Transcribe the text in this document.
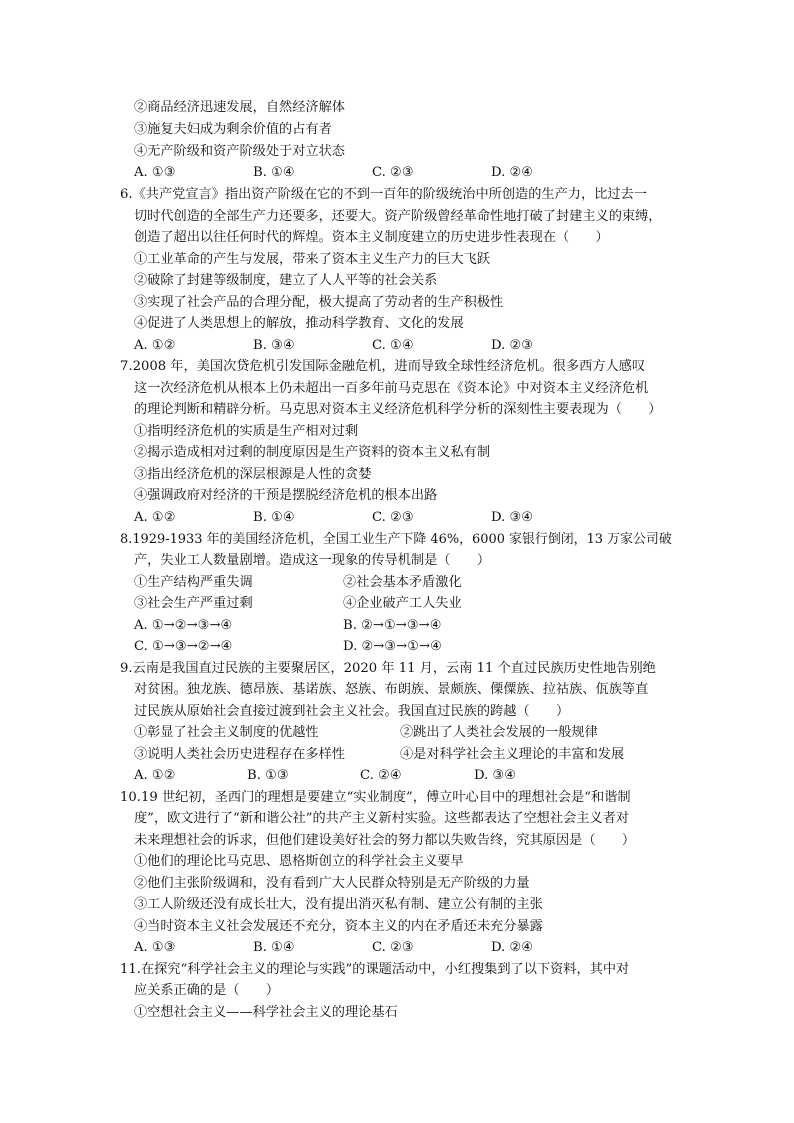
②商品经济迅速发展，自然经济解体
③施复夫妇成为剩余价值的占有者
④无产阶级和资产阶级处于对立状态
A. ①③	B. ①④	C. ②③	D. ②④
6.《共产党宣言》指出资产阶级在它的不到一百年的阶级统治中所创造的生产力，比过去一
切时代创造的全部生产力还要多，还要大。资产阶级曾经革命性地打破了封建主义的束缚，
创造了超出以往任何时代的辉煌。资本主义制度建立的历史进步性表现在（　　）
①工业革命的产生与发展，带来了资本主义生产力的巨大飞跃
②破除了封建等级制度，建立了人人平等的社会关系
③实现了社会产品的合理分配，极大提高了劳动者的生产积极性
④促进了人类思想上的解放，推动科学教育、文化的发展
A. ①②	B. ③④	C. ①④	D. ②③
7.2008 年，美国次贷危机引发国际金融危机，进而导致全球性经济危机。很多西方人感叹
这一次经济危机从根本上仍未超出一百多年前马克思在《资本论》中对资本主义经济危机
的理论判断和精辟分析。马克思对资本主义经济危机科学分析的深刻性主要表现为（　　）
①指明经济危机的实质是生产相对过剩
②揭示造成相对过剩的制度原因是生产资料的资本主义私有制
③指出经济危机的深层根源是人性的贪婪
④强调政府对经济的干预是摆脱经济危机的根本出路
A. ①②	B. ①④	C. ②③	D. ③④
8.1929-1933 年的美国经济危机，全国工业生产下降 46%，6000 家银行倒闭，13 万家公司破
产，失业工人数量剧增。造成这一现象的传导机制是（　　）
①生产结构严重失调	②社会基本矛盾激化
③社会生产严重过剩	④企业破产工人失业
A. ①→②→③→④	B. ②→①→③→④
C. ①→③→②→④	D. ②→③→①→④
9.云南是我国直过民族的主要聚居区，2020 年 11 月，云南 11 个直过民族历史性地告别绝
对贫困。独龙族、德昂族、基诺族、怒族、布朗族、景颇族、傈僳族、拉祜族、佤族等直
过民族从原始社会直接过渡到社会主义社会。我国直过民族的跨越（　　）
①彰显了社会主义制度的优越性	②跳出了人类社会发展的一般规律
③说明人类社会历史进程存在多样性	④是对科学社会主义理论的丰富和发展
A. ①②	B. ①③	C. ②④	D. ③④
10.19 世纪初，圣西门的理想是要建立“实业制度”，傅立叶心目中的理想社会是“和谐制
度”，欧文进行了“新和谐公社”的共产主义新村实验。这些都表达了空想社会主义者对
未来理想社会的诉求，但他们建设美好社会的努力都以失败告终，究其原因是（　　）
①他们的理论比马克思、恩格斯创立的科学社会主义要早
②他们主张阶级调和，没有看到广大人民群众特别是无产阶级的力量
③工人阶级还没有成长壮大，没有提出消灭私有制、建立公有制的主张
④当时资本主义社会发展还不充分，资本主义的内在矛盾还未充分暴露
A. ①③	B. ①④	C. ②③	D. ②④
11.在探究“科学社会主义的理论与实践”的课题活动中，小红搜集到了以下资料，其中对
应关系正确的是（　　）
①空想社会主义——科学社会主义的理论基石
